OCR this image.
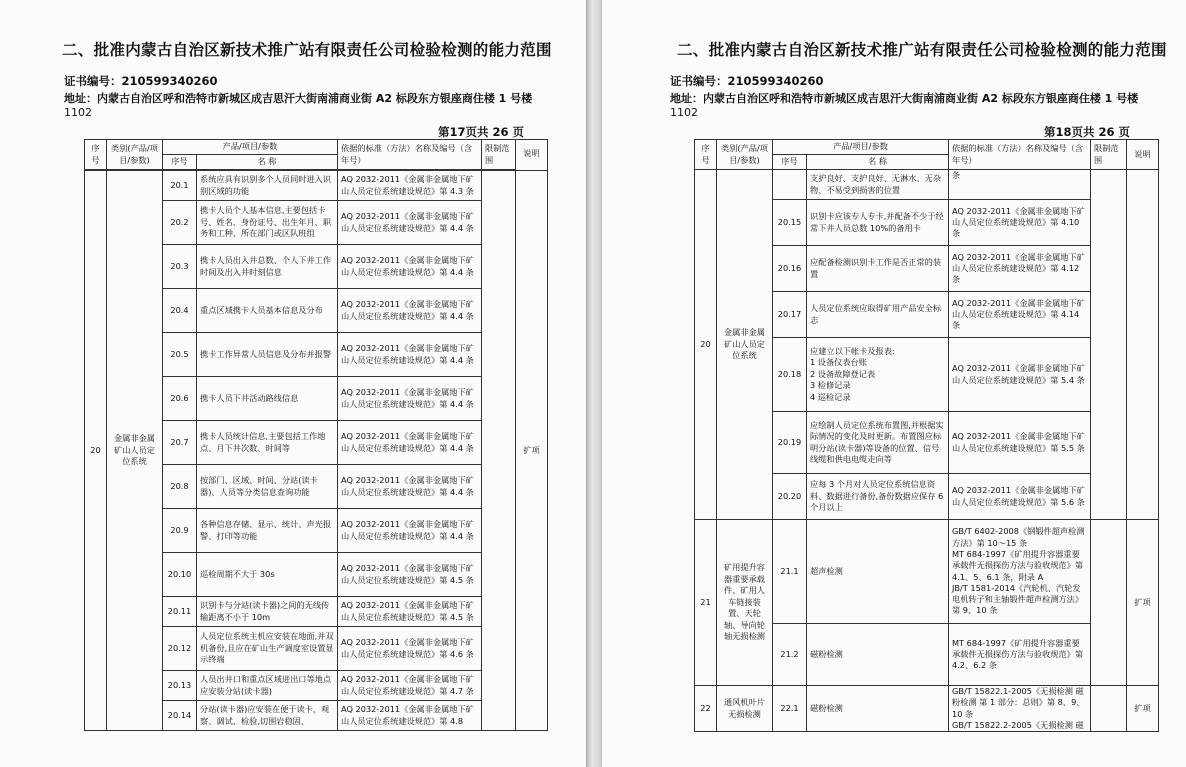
二、批准内蒙古自治区新技术推广站有限责任公司检验检测的能力范围
证书编号：210599340260
地址：内蒙古自治区呼和浩特市新城区成吉思汗大街南浦商业街 A2 标段东方银座商住楼 1 号楼
1102
第17页共 26 页
序号	类别(产品/项目/参数)	产品/项目/参数		依据的标准（方法）名称及编号（含年号）	限制范围	说明
		序号	名 称			

20	金属非金属矿山人员定位系统	20.1	系统应具有识别多个人员同时进入识别区域的功能	AQ 2032-2011《金属非金属地下矿山人员定位系统建设规范》第 4.3 条		扩项
		20.2	携卡人员个人基本信息,主要包括卡号、姓名、身份证号、出生年月、职务和工种、所在部门或区队班组	AQ 2032-2011《金属非金属地下矿山人员定位系统建设规范》第 4.4 条		
		20.3	携卡人员出入井总数、个人下井工作时间及出入井时刻信息	AQ 2032-2011《金属非金属地下矿山人员定位系统建设规范》第 4.4 条		
		20.4	重点区域携卡人员基本信息及分布	AQ 2032-2011《金属非金属地下矿山人员定位系统建设规范》第 4.4 条		
		20.5	携卡工作异常人员信息及分布并报警	AQ 2032-2011《金属非金属地下矿山人员定位系统建设规范》第 4.4 条		
		20.6	携卡人员下井活动路线信息	AQ 2032-2011《金属非金属地下矿山人员定位系统建设规范》第 4.4 条		
		20.7	携卡人员统计信息,主要包括工作地点、月下井次数、时间等	AQ 2032-2011《金属非金属地下矿山人员定位系统建设规范》第 4.4 条		
		20.8	按部门、区域、时间、分站(读卡器)、人员等分类信息查询功能	AQ 2032-2011《金属非金属地下矿山人员定位系统建设规范》第 4.4 条		
		20.9	各种信息存储、显示、统计、声光报警、打印等功能	AQ 2032-2011《金属非金属地下矿山人员定位系统建设规范》第 4.4 条		
		20.10	巡检周期不大于 30s	AQ 2032-2011《金属非金属地下矿山人员定位系统建设规范》第 4.5 条		
		20.11	识别卡与分站(读卡器)之间的无线传输距离不小于 10m	AQ 2032-2011《金属非金属地下矿山人员定位系统建设规范》第 4.5 条		
		20.12	人员定位系统主机应安装在地面,并双机备份,且应在矿山生产调度室设置显示终端	AQ 2032-2011《金属非金属地下矿山人员定位系统建设规范》第 4.6 条		
		20.13	人员出井口和重点区域进出口等地点应安装分站(读卡器)	AQ 2032-2011《金属非金属地下矿山人员定位系统建设规范》第 4.7 条		
		20.14	分站(读卡器)应安装在便于读卡、观察、调试、检验,切围岩稳固、	AQ 2032-2011《金属非金属地下矿山人员定位系统建设规范》第 4.8		
二、批准内蒙古自治区新技术推广站有限责任公司检验检测的能力范围
证书编号：210599340260
地址：内蒙古自治区呼和浩特市新城区成吉思汗大街南浦商业街 A2 标段东方银座商住楼 1 号楼
1102
第18页共 26 页
序号	类别(产品/项目/参数)	产品/项目/参数		依据的标准（方法）名称及编号（含年号）	限制范围	说明
		序号	名 称			
20	金属非金属矿山人员定位系统		支护良好、支护良好、无淋水、无杂物、不易受到损害的位置	条		
		20.15	识别卡应该专人专卡,并配备不少于经常下井人员总数 10%的备用卡	AQ 2032-2011《金属非金属地下矿山人员定位系统建设规范》第 4.10 条		
		20.16	应配备检测识别卡工作是否正常的装置	AQ 2032-2011《金属非金属地下矿山人员定位系统建设规范》第 4.12 条		
		20.17	人员定位系统应取得矿用产品安全标志	AQ 2032-2011《金属非金属地下矿山人员定位系统建设规范》第 4.14 条		
		20.18	应建立以下帐卡及报表:
1 设备仪表台账
2 设备故障登记表
3 检修记录
4 巡检记录	AQ 2032-2011《金属非金属地下矿山人员定位系统建设规范》第 5.4 条		
		20.19	应绘制人员定位系统布置图,并根据实际情况的变化及时更新。布置图应标明分站(读卡器)等设备的位置、信号线缆和供电电缆走向等	AQ 2032-2011《金属非金属地下矿山人员定位系统建设规范》第 5.5 条		
		20.20	应每 3 个月对人员定位系统信息资料、数据进行备份,备份数据应保存 6 个月以上	AQ 2032-2011《金属非金属地下矿山人员定位系统建设规范》第 5.6 条		
21	矿用提升容器重要承载件、矿用人车链接装置、天轮轴、导向轮轴无损检测	21.1	超声检测	GB/T 6402-2008《钢锻件超声检测方法》第 10～15 条
MT 684-1997《矿用提升容器重要承载件无损探伤方法与验收规范》第 4.1、5、6.1 条，附录 A
JB/T 1581-2014《汽轮机、汽轮发电机转子和主轴锻件超声检测方法》第 9、10 条		扩项
		21.2	磁粉检测	MT 684-1997《矿用提升容器重要承载件无损探伤方法与验收规范》第 4.2、6.2 条		
22	通风机叶片无损检测	22.1	磁粉检测	GB/T 15822.1-2005《无损检测 磁粉检测 第 1 部分：总则》第 8、9、10 条
GB/T 15822.2-2005《无损检测 磁		扩项
